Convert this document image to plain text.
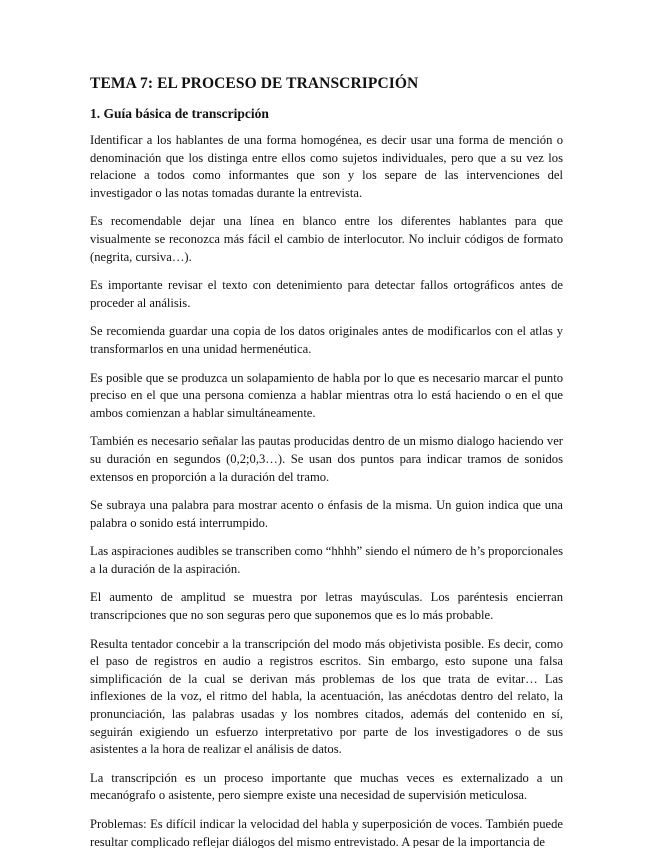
TEMA 7: EL PROCESO DE TRANSCRIPCIÓN
1. Guía básica de transcripción

Identificar a los hablantes de una forma homogénea, es decir usar una forma de mención o denominación que los distinga entre ellos como sujetos individuales, pero que a su vez los relacione a todos como informantes que son y los separe de las intervenciones del investigador o las notas tomadas durante la entrevista.

Es recomendable dejar una línea en blanco entre los diferentes hablantes para que visualmente se reconozca más fácil el cambio de interlocutor. No incluir códigos de formato (negrita, cursiva…).

Es importante revisar el texto con detenimiento para detectar fallos ortográficos antes de proceder al análisis.

Se recomienda guardar una copia de los datos originales antes de modificarlos con el atlas y transformarlos en una unidad hermenéutica.

Es posible que se produzca un solapamiento de habla por lo que es necesario marcar el punto preciso en el que una persona comienza a hablar mientras otra lo está haciendo o en el que ambos comienzan a hablar simultáneamente.

También es necesario señalar las pautas producidas dentro de un mismo dialogo haciendo ver su duración en segundos (0,2;0,3…). Se usan dos puntos para indicar tramos de sonidos extensos en proporción a la duración del tramo.

Se subraya una palabra para mostrar acento o énfasis de la misma. Un guion indica que una palabra o sonido está interrumpido.

Las aspiraciones audibles se transcriben como “hhhh” siendo el número de h’s proporcionales a la duración de la aspiración.

El aumento de amplitud se muestra por letras mayúsculas. Los paréntesis encierran transcripciones que no son seguras pero que suponemos que es lo más probable.

Resulta tentador concebir a la transcripción del modo más objetivista posible. Es decir, como el paso de registros en audio a registros escritos. Sin embargo, esto supone una falsa simplificación de la cual se derivan más problemas de los que trata de evitar… Las inflexiones de la voz, el ritmo del habla, la acentuación, las anécdotas dentro del relato, la pronunciación, las palabras usadas y los nombres citados, además del contenido en sí, seguirán exigiendo un esfuerzo interpretativo por parte de los investigadores o de sus asistentes a la hora de realizar el análisis de datos.

La transcripción es un proceso importante que muchas veces es externalizado a un mecanógrafo o asistente, pero siempre existe una necesidad de supervisión meticulosa.

Problemas: Es difícil indicar la velocidad del habla y superposición de voces. También puede resultar complicado reflejar diálogos del mismo entrevistado. A pesar de la importancia de
